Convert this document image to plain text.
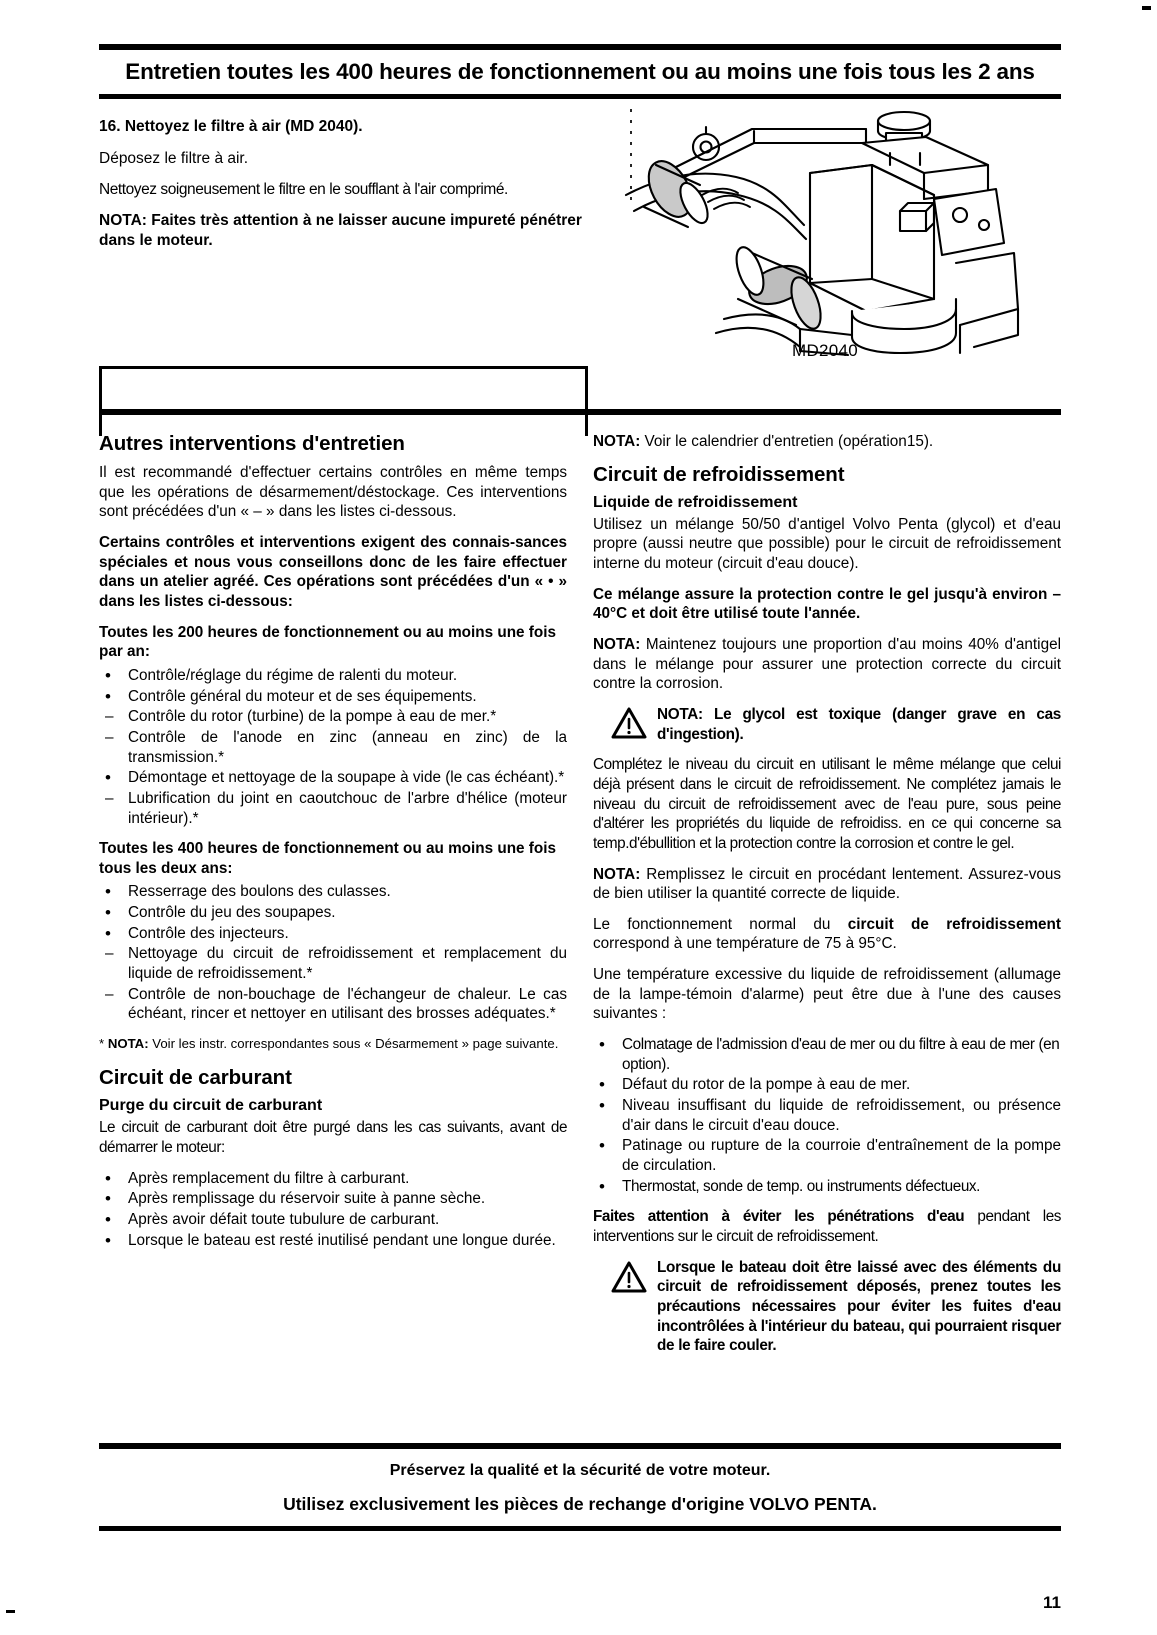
Entretien toutes les 400 heures de fonctionnement ou au moins une fois tous les 2 ans
16. Nettoyez le filtre à air (MD 2040).
Déposez le filtre à air.
Nettoyez soigneusement le filtre en le soufflant à l'air comprimé.
NOTA: Faites très attention à ne laisser aucune impureté pénétrer dans le moteur.
MD2040
Autres interventions d'entretien

Il est recommandé d'effectuer certains contrôles en même temps que les opérations de désarmement/déstockage. Ces interventions sont précédées d'un « – » dans les listes ci-dessous.

Certains contrôles et interventions exigent des connais-sances spéciales et nous vous conseillons donc de les faire effectuer dans un atelier agréé. Ces opérations sont précédées d'un « • » dans les listes ci-dessous:

Toutes les 200 heures de fonctionnement ou au moins une fois par an:

•	Contrôle/réglage du régime de ralenti du moteur.
•	Contrôle général du moteur et de ses équipements.
– Contrôle du rotor (turbine) de la pompe à eau de mer.*
– Contrôle de l'anode en zinc (anneau en zinc) de la transmission.*
•	Démontage et nettoyage de la soupape à vide (le cas échéant).*
– Lubrification du joint en caoutchouc de l'arbre d'hélice (moteur intérieur).*

Toutes les 400 heures de fonctionnement ou au moins une fois tous les deux ans:

•	Resserrage des boulons des culasses.
•	Contrôle du jeu des soupapes.
•	Contrôle des injecteurs.
– Nettoyage du circuit de refroidissement et remplacement du liquide de refroidissement.*
– Contrôle de non-bouchage de l'échangeur de chaleur. Le cas échéant, rincer et nettoyer en utilisant des brosses adéquates.*

* NOTA: Voir les instr. correspondantes sous « Désarmement » page suivante.

Circuit de carburant
Purge du circuit de carburant

Le circuit de carburant doit être purgé dans les cas suivants, avant de démarrer le moteur:

•	Après remplacement du filtre à carburant.
•	Après remplissage du réservoir suite à panne sèche.
•	Après avoir défait toute tubulure de carburant.
•	Lorsque le bateau est resté inutilisé pendant une longue durée.

NOTA: Voir le calendrier d'entretien (opération15).

Circuit de refroidissement
Liquide de refroidissement

Utilisez un mélange 50/50 d'antigel Volvo Penta (glycol) et d'eau propre (aussi neutre que possible) pour le circuit de refroidissement interne du moteur (circuit d'eau douce).

Ce mélange assure la protection contre le gel jusqu'à environ – 40°C et doit être utilisé toute l'année.

NOTA: Maintenez toujours une proportion d'au moins 40% d'antigel dans le mélange pour assurer une protection correcte du circuit contre la corrosion.

NOTA: Le glycol est toxique (danger grave en cas d'ingestion).

Complétez le niveau du circuit en utilisant le même mélange que celui déjà présent dans le circuit de refroidissement. Ne complétez jamais le niveau du circuit de refroidissement avec de l'eau pure, sous peine d'altérer les propriétés du liquide de refroidiss. en ce qui concerne sa temp.d'ébullition et la protection contre la corrosion et contre le gel.

NOTA: Remplissez le circuit en procédant lentement. Assurez-vous de bien utiliser la quantité correcte de liquide.

Le fonctionnement normal du circuit de refroidissement correspond à une température de 75 à 95°C.

Une température excessive du liquide de refroidissement (allumage de la lampe-témoin d'alarme) peut être due à l'une des causes suivantes :

•	Colmatage de l'admission d'eau de mer ou du filtre à eau de mer (en option).
•	Défaut du rotor de la pompe à eau de mer.
•	Niveau insuffisant du liquide de refroidissement, ou présence d'air dans le circuit d'eau douce.
•	Patinage ou rupture de la courroie d'entraînement de la pompe de circulation.
•	Thermostat, sonde de temp. ou instruments défectueux.

Faites attention à éviter les pénétrations d'eau pendant les interventions sur le circuit de refroidissement.

Lorsque le bateau doit être laissé avec des éléments du circuit de refroidissement déposés, prenez toutes les précautions nécessaires pour éviter les fuites d'eau incontrôlées à l'intérieur du bateau, qui pourraient risquer de le faire couler.
Préservez la qualité et la sécurité de votre moteur.
Utilisez exclusivement les pièces de rechange d'origine VOLVO PENTA.
11
